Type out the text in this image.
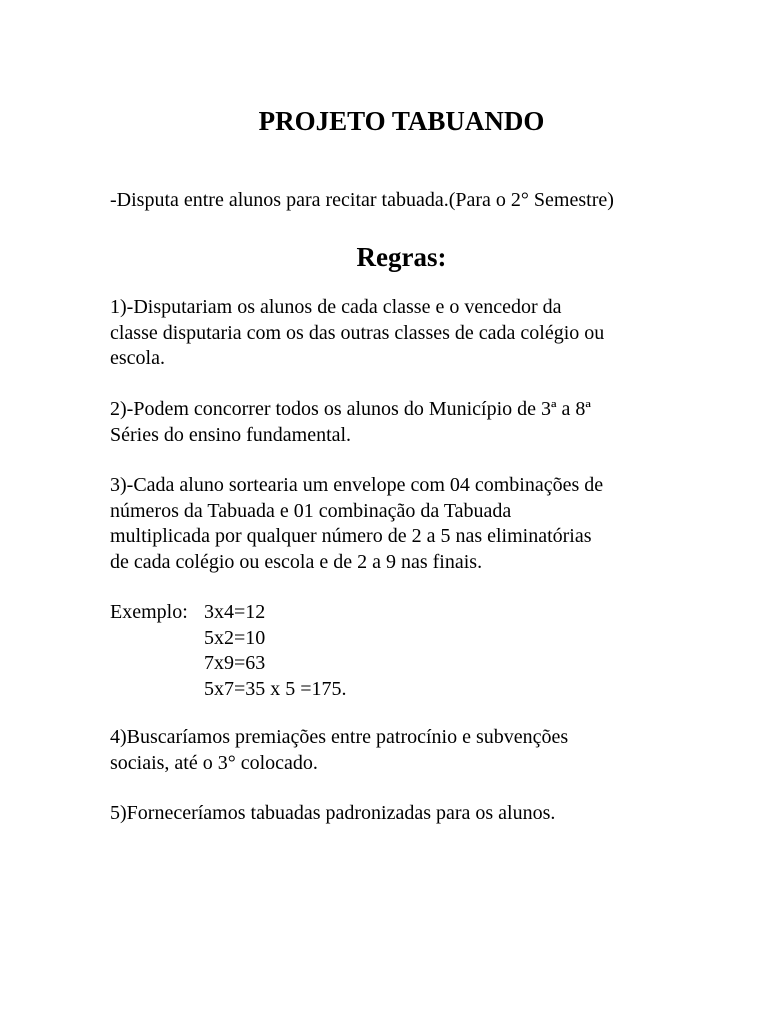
PROJETO TABUANDO

-Disputa entre alunos para recitar tabuada.(Para o 2° Semestre)

Regras:

1)-Disputariam os alunos de cada classe e o vencedor da
classe disputaria com os das outras classes de cada colégio ou
escola.

2)-Podem concorrer todos os alunos do Município de 3ª a 8ª
Séries do ensino fundamental.

3)-Cada aluno sortearia um envelope com 04 combinações de
números da Tabuada e 01 combinação da Tabuada
multiplicada por qualquer número de 2 a 5 nas eliminatórias
de cada colégio ou escola e de 2 a 9 nas finais.

Exemplo: 3x4=12
5x2=10
7x9=63
5x7=35 x 5 =175.

4)Buscaríamos premiações entre patrocínio e subvenções
sociais, até o 3° colocado.

5)Forneceríamos tabuadas padronizadas para os alunos.
